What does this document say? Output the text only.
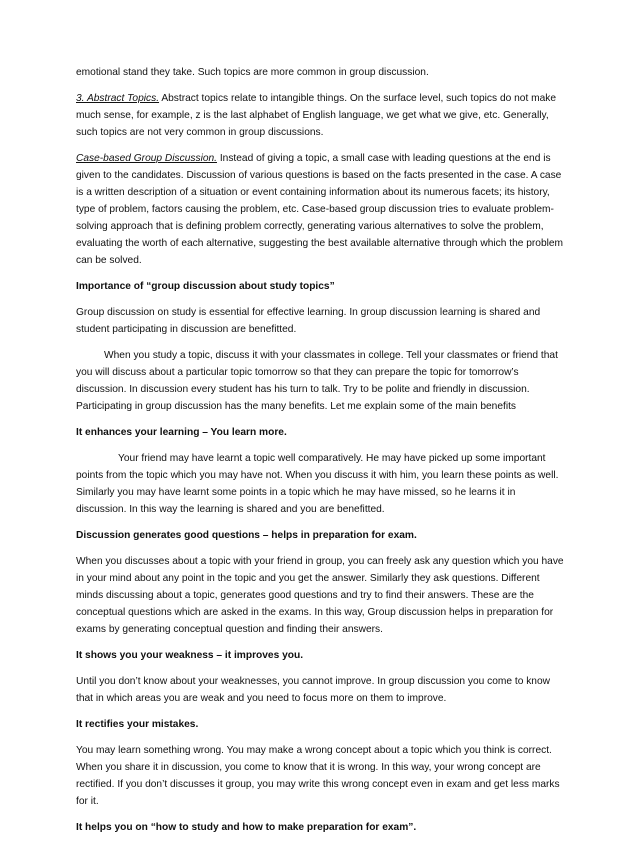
emotional stand they take. Such topics are more common in group discussion.

3. Abstract Topics. Abstract topics relate to intangible things. On the surface level, such topics do not make much sense, for example, z is the last alphabet of English language, we get what we give, etc. Generally, such topics are not very common in group discussions.

Case-based Group Discussion. Instead of giving a topic, a small case with leading questions at the end is given to the candidates. Discussion of various questions is based on the facts presented in the case. A case is a written description of a situation or event containing information about its numerous facets; its history, type of problem, factors causing the problem, etc. Case-based group discussion tries to evaluate problem-solving approach that is defining problem correctly, generating various alternatives to solve the problem, evaluating the worth of each alternative, suggesting the best available alternative through which the problem can be solved.

Importance of “group discussion about study topics”

Group discussion on study is essential for effective learning. In group discussion learning is shared and student participating in discussion are benefitted.

When you study a topic, discuss it with your classmates in college. Tell your classmates or friend that you will discuss about a particular topic tomorrow so that they can prepare the topic for tomorrow’s discussion. In discussion every student has his turn to talk. Try to be polite and friendly in discussion. Participating in group discussion has the many benefits. Let me explain some of the main benefits

It enhances your learning – You learn more.

Your friend may have learnt a topic well comparatively. He may have picked up some important points from the topic which you may have not. When you discuss it with him, you learn these points as well. Similarly you may have learnt some points in a topic which he may have missed, so he learns it in discussion. In this way the learning is shared and you are benefitted.

Discussion generates good questions – helps in preparation for exam.

When you discusses about a topic with your friend in group, you can freely ask any question which you have in your mind about any point in the topic and you get the answer. Similarly they ask questions. Different minds discussing about a topic, generates good questions and try to find their answers. These are the conceptual questions which are asked in the exams. In this way, Group discussion helps in preparation for exams by generating conceptual question and finding their answers.

It shows you your weakness – it improves you.

Until you don’t know about your weaknesses, you cannot improve. In group discussion you come to know that in which areas you are weak and you need to focus more on them to improve.

It rectifies your mistakes.

You may learn something wrong. You may make a wrong concept about a topic which you think is correct. When you share it in discussion, you come to know that it is wrong. In this way, your wrong concept are rectified. If you don’t discusses it group, you may write this wrong concept even in exam and get less marks for it.

It helps you on “how to study and how to make preparation for exam”.
